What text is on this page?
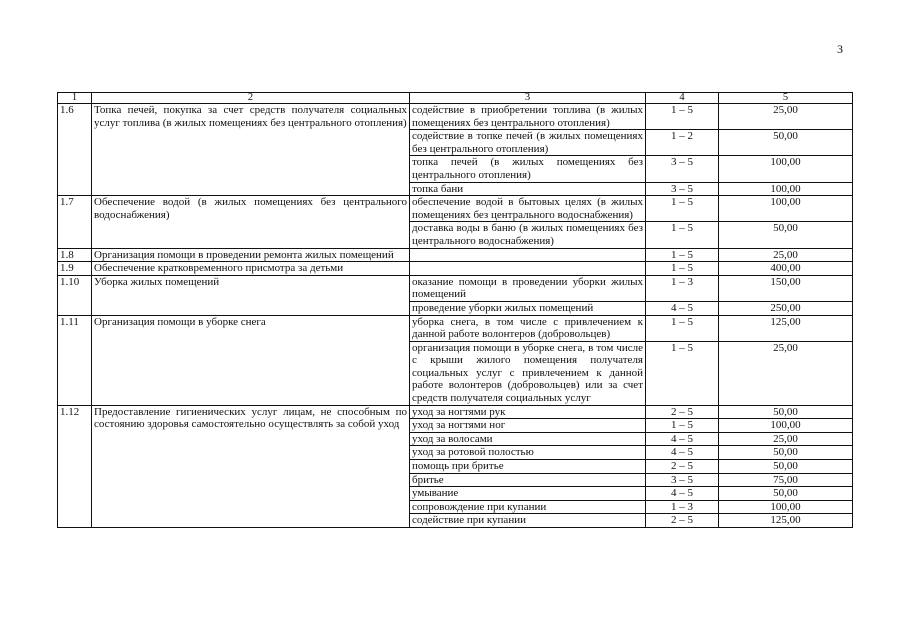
3
1	2	3	4	5
1.6	Топка печей, покупка за счет средств получателя социальных услуг топлива (в жилых помещениях без центрального отопления)	содействие в приобретении топлива (в жилых помещениях без центрального отопления)	1 – 5	25,00
		содействие в топке печей (в жилых помещениях без центрального отопления)	1 – 2	50,00
		топка печей (в жилых помещениях без центрального отопления)	3 – 5	100,00
		топка бани	3 – 5	100,00
1.7	Обеспечение водой (в жилых помещениях без центрального водоснабжения)	обеспечение водой в бытовых целях (в жилых помещениях без центрального водоснабжения)	1 – 5	100,00
		доставка воды в баню (в жилых помещениях без центрального водоснабжения)	1 – 5	50,00
1.8	Организация помощи в проведении ремонта жилых помещений		1 – 5	25,00
1.9	Обеспечение кратковременного присмотра за детьми		1 – 5	400,00
1.10	Уборка жилых помещений	оказание помощи в проведении уборки жилых помещений	1 – 3	150,00
		проведение уборки жилых помещений	4 – 5	250,00
1.11	Организация помощи в уборке снега	уборка снега, в том числе с привлечением к данной работе волонтеров (добровольцев)	1 – 5	125,00
		организация помощи в уборке снега, в том числе с крыши жилого помещения получателя социальных услуг с привлечением к данной работе волонтеров (добровольцев) или за счет средств получателя социальных услуг	1 – 5	25,00
1.12	Предоставление гигиенических услуг лицам, не способным по состоянию здоровья самостоятельно осуществлять за собой уход	уход за ногтями рук	2 – 5	50,00
		уход за ногтями ног	1 – 5	100,00
		уход за волосами	4 – 5	25,00
		уход за ротовой полостью	4 – 5	50,00
		помощь при бритье	2 – 5	50,00
		бритье	3 – 5	75,00
		умывание	4 – 5	50,00
		сопровождение при купании	1 – 3	100,00
		содействие при купании	2 – 5	125,00
